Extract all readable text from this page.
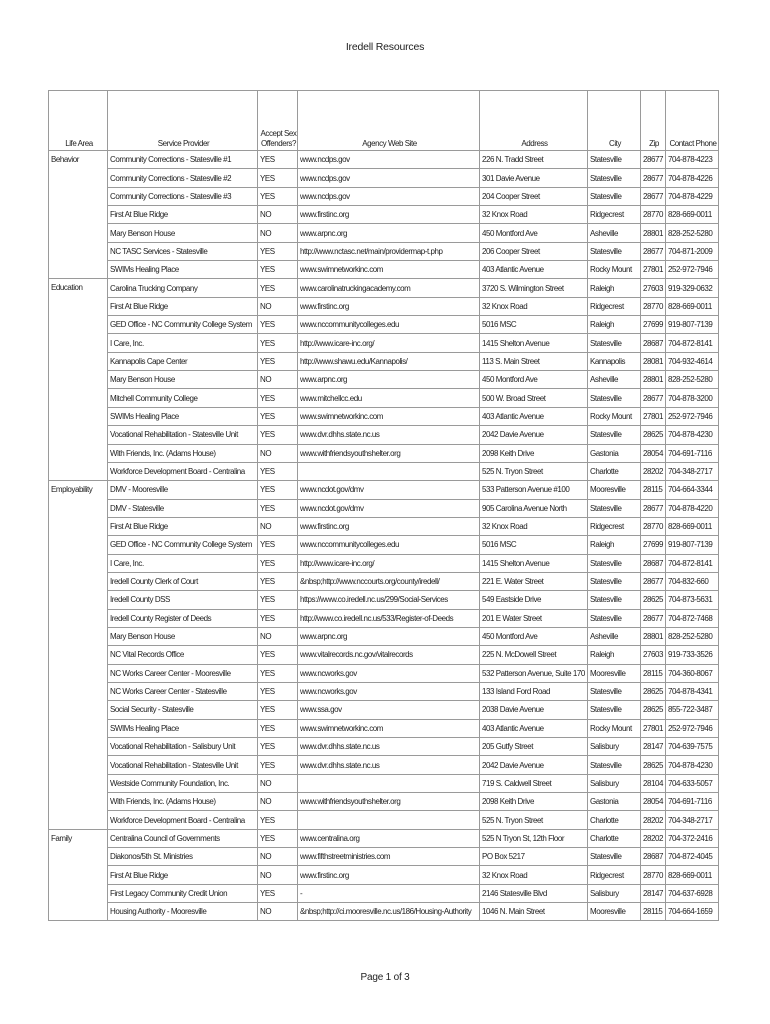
Iredell Resources
Life Area	Service Provider	Accept Sex Offenders?	Agency Web Site	Address	City	Zip	Contact Phone
Behavior	Community Corrections - Statesville #1	YES	www.ncdps.gov	226 N. Tradd Street	Statesville	28677	704-878-4223
	Community Corrections - Statesville #2	YES	www.ncdps.gov	301 Davie Avenue	Statesville	28677	704-878-4226
	Community Corrections - Statesville #3	YES	www.ncdps.gov	204 Cooper Street	Statesville	28677	704-878-4229
	First At Blue Ridge	NO	www.firstinc.org	32 Knox Road	Ridgecrest	28770	828-669-0011
	Mary Benson House	NO	www.arpnc.org	450 Montford Ave	Asheville	28801	828-252-5280
	NC TASC Services - Statesville	YES	http://www.nctasc.net/main/providermap-t.php	206 Cooper Street	Statesville	28677	704-871-2009
	SWIMs Healing Place	YES	www.swimnetworkinc.com	403 Atlantic Avenue	Rocky Mount	27801	252-972-7946
Education	Carolina Trucking Company	YES	www.carolinatruckingacademy.com	3720 S. Wilmington Street	Raleigh	27603	919-329-0632
	First At Blue Ridge	NO	www.firstinc.org	32 Knox Road	Ridgecrest	28770	828-669-0011
	GED Office - NC Community College System	YES	www.nccommunitycolleges.edu	5016 MSC	Raleigh	27699	919-807-7139
	I Care, Inc.	YES	http://www.icare-inc.org/	1415 Shelton Avenue	Statesville	28687	704-872-8141
	Kannapolis Cape Center	YES	http://www.shawu.edu/Kannapolis/	113 S. Main Street	Kannapolis	28081	704-932-4614
	Mary Benson House	NO	www.arpnc.org	450 Montford Ave	Asheville	28801	828-252-5280
	Mitchell Community College	YES	www.mitchellcc.edu	500 W. Broad Street	Statesville	28677	704-878-3200
	SWIMs Healing Place	YES	www.swimnetworkinc.com	403 Atlantic Avenue	Rocky Mount	27801	252-972-7946
	Vocational Rehabilitation - Statesville Unit	YES	www.dvr.dhhs.state.nc.us	2042 Davie Avenue	Statesville	28625	704-878-4230
	With Friends, Inc. (Adams House)	NO	www.withfriendsyouthshelter.org	2098 Keith Drive	Gastonia	28054	704-691-7116
	Workforce Development Board - Centralina	YES		525 N. Tryon Street	Charlotte	28202	704-348-2717
Employability	DMV - Mooresville	YES	www.ncdot.gov/dmv	533 Patterson Avenue #100	Mooresville	28115	704-664-3344
	DMV - Statesville	YES	www.ncdot.gov/dmv	905 Carolina Avenue North	Statesville	28677	704-878-4220
	First At Blue Ridge	NO	www.firstinc.org	32 Knox Road	Ridgecrest	28770	828-669-0011
	GED Office - NC Community College System	YES	www.nccommunitycolleges.edu	5016 MSC	Raleigh	27699	919-807-7139
	I Care, Inc.	YES	http://www.icare-inc.org/	1415 Shelton Avenue	Statesville	28687	704-872-8141
	Iredell County Clerk of Court	YES	&nbsp;http://www.nccourts.org/county/iredell/	221 E. Water Street	Statesville	28677	704-832-660
	Iredell County DSS	YES	https://www.co.iredell.nc.us/299/Social-Services	549 Eastside Drive	Statesville	28625	704-873-5631
	Iredell County Register of Deeds	YES	http://www.co.iredell.nc.us/533/Register-of-Deeds	201 E Water Street	Statesville	28677	704-872-7468
	Mary Benson House	NO	www.arpnc.org	450 Montford Ave	Asheville	28801	828-252-5280
	NC Vital Records Office	YES	www.vitalrecords.nc.gov/vitalrecords	225 N. McDowell Street	Raleigh	27603	919-733-3526
	NC Works Career Center - Mooresville	YES	www.ncworks.gov	532 Patterson Avenue, Suite 170	Mooresville	28115	704-360-8067
	NC Works Career Center - Statesville	YES	www.ncworks.gov	133 Island Ford Road	Statesville	28625	704-878-4341
	Social Security - Statesville	YES	www.ssa.gov	2038 Davie Avenue	Statesville	28625	855-722-3487
	SWIMs Healing Place	YES	www.swimnetworkinc.com	403 Atlantic Avenue	Rocky Mount	27801	252-972-7946
	Vocational Rehabilitation - Salisbury Unit	YES	www.dvr.dhhs.state.nc.us	205 Gutfy Street	Salisbury	28147	704-639-7575
	Vocational Rehabilitation - Statesville Unit	YES	www.dvr.dhhs.state.nc.us	2042 Davie Avenue	Statesville	28625	704-878-4230
	Westside Community Foundation, Inc.	NO		719 S. Caldwell Street	Salisbury	28104	704-633-5057
	With Friends, Inc. (Adams House)	NO	www.withfriendsyouthshelter.org	2098 Keith Drive	Gastonia	28054	704-691-7116
	Workforce Development Board - Centralina	YES		525 N. Tryon Street	Charlotte	28202	704-348-2717
Family	Centralina Council of Governments	YES	www.centralina.org	525 N Tryon St, 12th Floor	Charlotte	28202	704-372-2416
	Diakonos/5th St. Ministries	NO	www.fifthstreetministries.com	PO Box 5217	Statesville	28687	704-872-4045
	First At Blue Ridge	NO	www.firstinc.org	32 Knox Road	Ridgecrest	28770	828-669-0011
	First Legacy Community Credit Union	YES	-	2146 Statesville Blvd	Salisbury	28147	704-637-6928
	Housing Authority - Mooresville	NO	&nbsp;http://ci.mooresville.nc.us/186/Housing-Authority	1046 N. Main Street	Mooresville	28115	704-664-1659
Page 1 of 3
